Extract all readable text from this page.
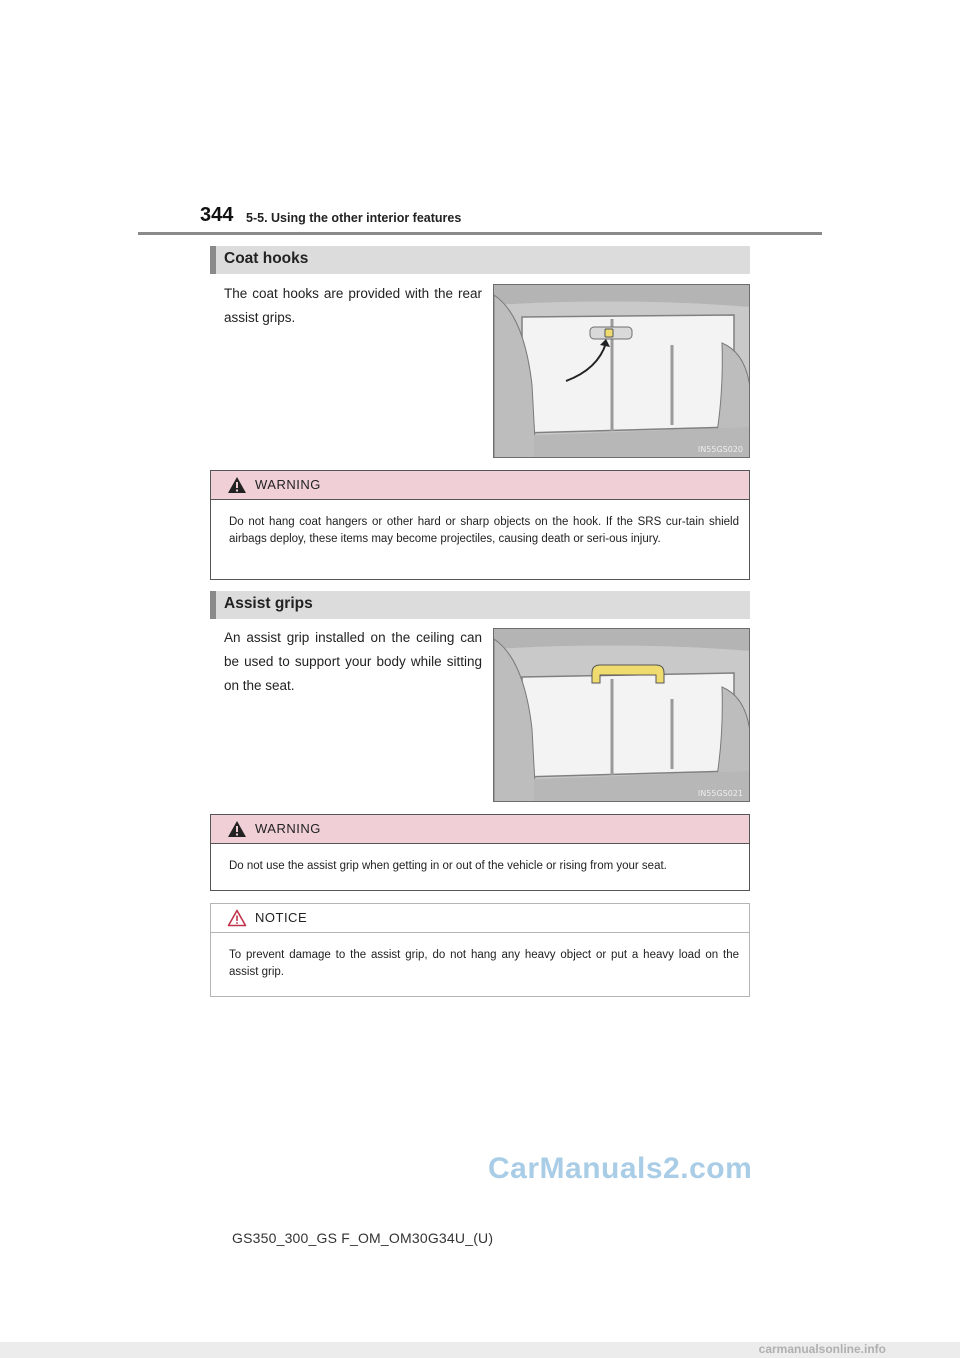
344 5-5. Using the other interior features
Coat hooks
The coat hooks are provided with the rear assist grips.
IN55GS020
WARNING
Do not hang coat hangers or other hard or sharp objects on the hook. If the SRS cur-tain shield airbags deploy, these items may become projectiles, causing death or seri-ous injury.
Assist grips
An assist grip installed on the ceiling can be used to support your body while sitting on the seat.
IN55GS021
WARNING
Do not use the assist grip when getting in or out of the vehicle or rising from your seat.
NOTICE
To prevent damage to the assist grip, do not hang any heavy object or put a heavy load on the assist grip.
CarManuals2.com
GS350_300_GS F_OM_OM30G34U_(U)
carmanualsonline.info
